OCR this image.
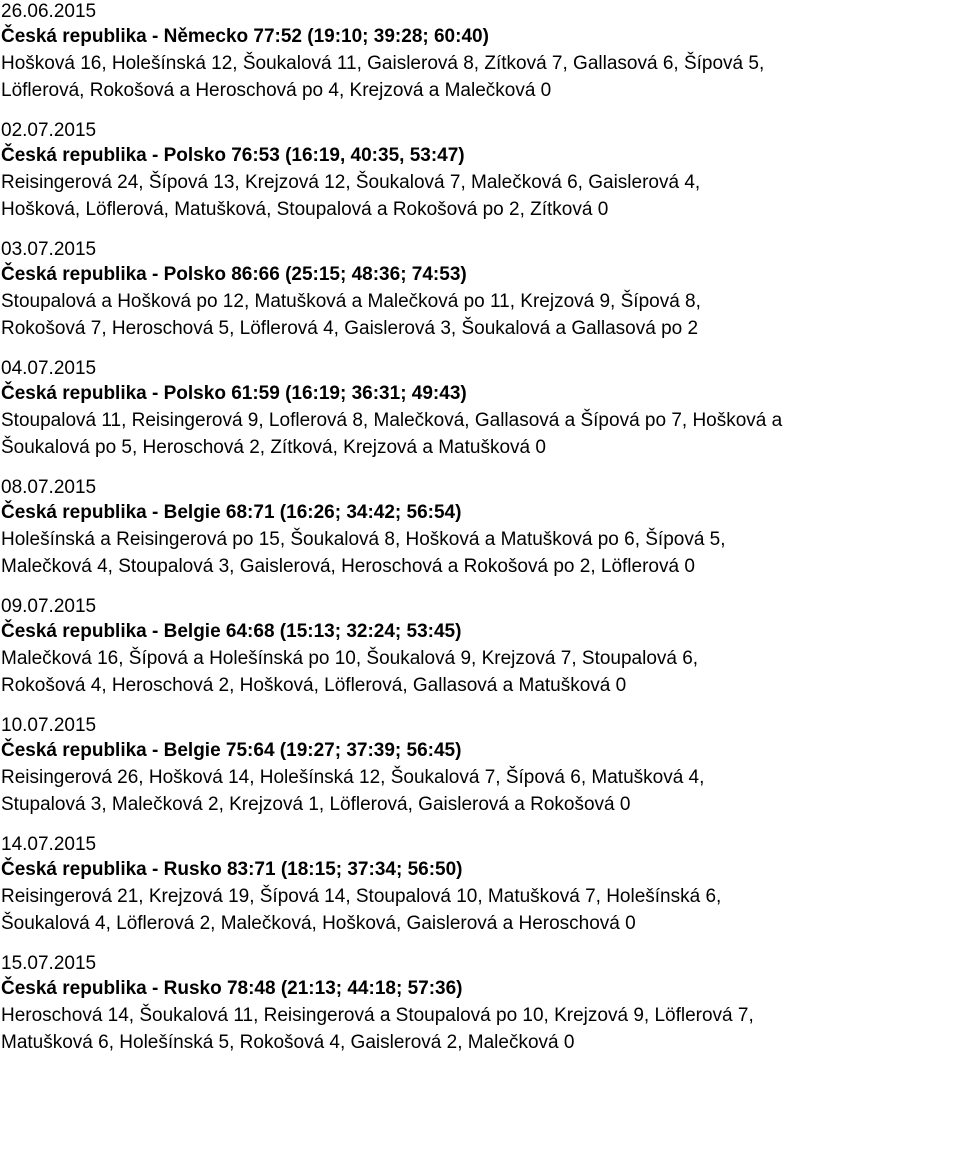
26.06.2015
Česká republika - Německo 77:52 (19:10; 39:28; 60:40)
Hošková 16, Holešínská 12, Šoukalová 11, Gaislerová 8, Zítková 7, Gallasová 6, Šípová 5,
Löflerová, Rokošová a Heroschová po 4, Krejzová a Malečková 0
02.07.2015
Česká republika - Polsko 76:53 (16:19, 40:35, 53:47)
Reisingerová 24, Šípová 13, Krejzová 12, Šoukalová 7, Malečková 6, Gaislerová 4,
Hošková, Löflerová, Matušková, Stoupalová a Rokošová po 2, Zítková 0
03.07.2015
Česká republika - Polsko 86:66 (25:15; 48:36; 74:53)
Stoupalová a Hošková po 12, Matušková a Malečková po 11, Krejzová 9, Šípová 8,
Rokošová 7, Heroschová 5, Löflerová 4, Gaislerová 3, Šoukalová a Gallasová po 2
04.07.2015
Česká republika - Polsko 61:59 (16:19; 36:31; 49:43)
Stoupalová 11, Reisingerová 9, Loflerová 8, Malečková, Gallasová a Šípová po 7, Hošková a
Šoukalová po 5, Heroschová 2, Zítková, Krejzová a Matušková 0
08.07.2015
Česká republika - Belgie 68:71 (16:26; 34:42; 56:54)
Holešínská a Reisingerová po 15, Šoukalová 8, Hošková a Matušková po 6, Šípová 5,
Malečková 4, Stoupalová 3, Gaislerová, Heroschová a Rokošová po 2, Löflerová 0
09.07.2015
Česká republika - Belgie 64:68 (15:13; 32:24; 53:45)
Malečková 16, Šípová a Holešínská po 10, Šoukalová 9, Krejzová 7, Stoupalová 6,
Rokošová 4, Heroschová 2, Hošková, Löflerová, Gallasová a Matušková 0
10.07.2015
Česká republika - Belgie 75:64 (19:27; 37:39; 56:45)
Reisingerová 26, Hošková 14, Holešínská 12, Šoukalová 7, Šípová 6, Matušková 4,
Stupalová 3, Malečková 2, Krejzová 1, Löflerová, Gaislerová a Rokošová 0
14.07.2015
Česká republika - Rusko 83:71 (18:15; 37:34; 56:50)
Reisingerová 21, Krejzová 19, Šípová 14, Stoupalová 10, Matušková 7, Holešínská 6,
Šoukalová 4, Löflerová 2, Malečková, Hošková, Gaislerová a Heroschová 0
15.07.2015
Česká republika - Rusko 78:48 (21:13; 44:18; 57:36)
Heroschová 14, Šoukalová 11, Reisingerová a Stoupalová po 10, Krejzová 9, Löflerová 7,
Matušková 6, Holešínská 5, Rokošová 4, Gaislerová 2, Malečková 0
